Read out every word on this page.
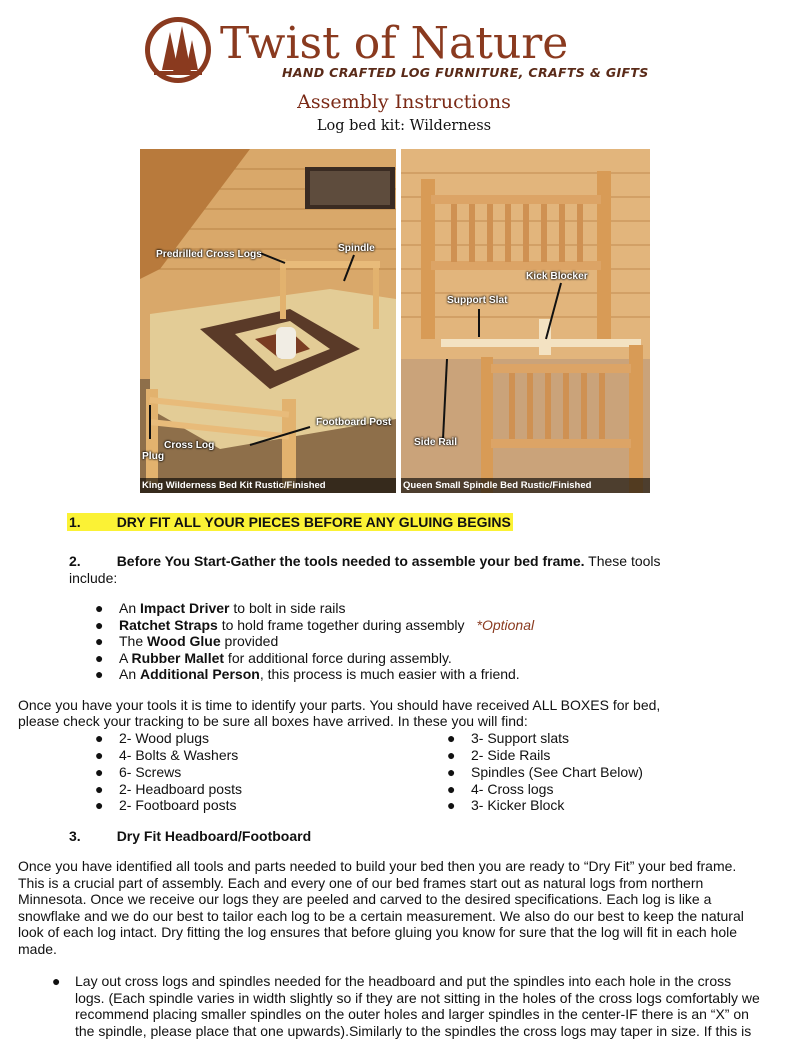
Twist of Nature
HAND CRAFTED LOG FURNITURE, CRAFTS & GIFTS
Assembly Instructions
Log bed kit: Wilderness
Predrilled Cross Logs
Spindle
Footboard Post
Cross Log
Plug
King Wilderness Bed Kit Rustic/Finished
Kick Blocker
Support Slat
Side Rail
Queen Small Spindle Bed Rustic/Finished
1.	DRY FIT ALL YOUR PIECES BEFORE ANY GLUING BEGINS
2.	Before You Start-Gather the tools needed to assemble your bed frame. These tools
include:
● An Impact Driver to bolt in side rails
● Ratchet Straps to hold frame together during assembly *Optional
● The Wood Glue provided
● A Rubber Mallet for additional force during assembly.
● An Additional Person, this process is much easier with a friend.
Once you have your tools it is time to identify your parts. You should have received ALL BOXES for bed,
please check your tracking to be sure all boxes have arrived. In these you will find:
● 2- Wood plugs
● 4- Bolts & Washers
● 6- Screws
● 2- Headboard posts
● 2- Footboard posts
● 3- Support slats
● 2- Side Rails
● Spindles (See Chart Below)
● 4- Cross logs
● 3- Kicker Block
3.	Dry Fit Headboard/Footboard
Once you have identified all tools and parts needed to build your bed then you are ready to “Dry Fit” your bed frame.
This is a crucial part of assembly. Each and every one of our bed frames start out as natural logs from northern
Minnesota. Once we receive our logs they are peeled and carved to the desired specifications. Each log is like a
snowflake and we do our best to tailor each log to be a certain measurement. We also do our best to keep the natural
look of each log intact. Dry fitting the log ensures that before gluing you know for sure that the log will fit in each hole
made.
● Lay out cross logs and spindles needed for the headboard and put the spindles into each hole in the cross
logs. (Each spindle varies in width slightly so if they are not sitting in the holes of the cross logs comfortably we
recommend placing smaller spindles on the outer holes and larger spindles in the center-IF there is an “X” on
the spindle, please place that one upwards).Similarly to the spindles the cross logs may taper in size. If this is
